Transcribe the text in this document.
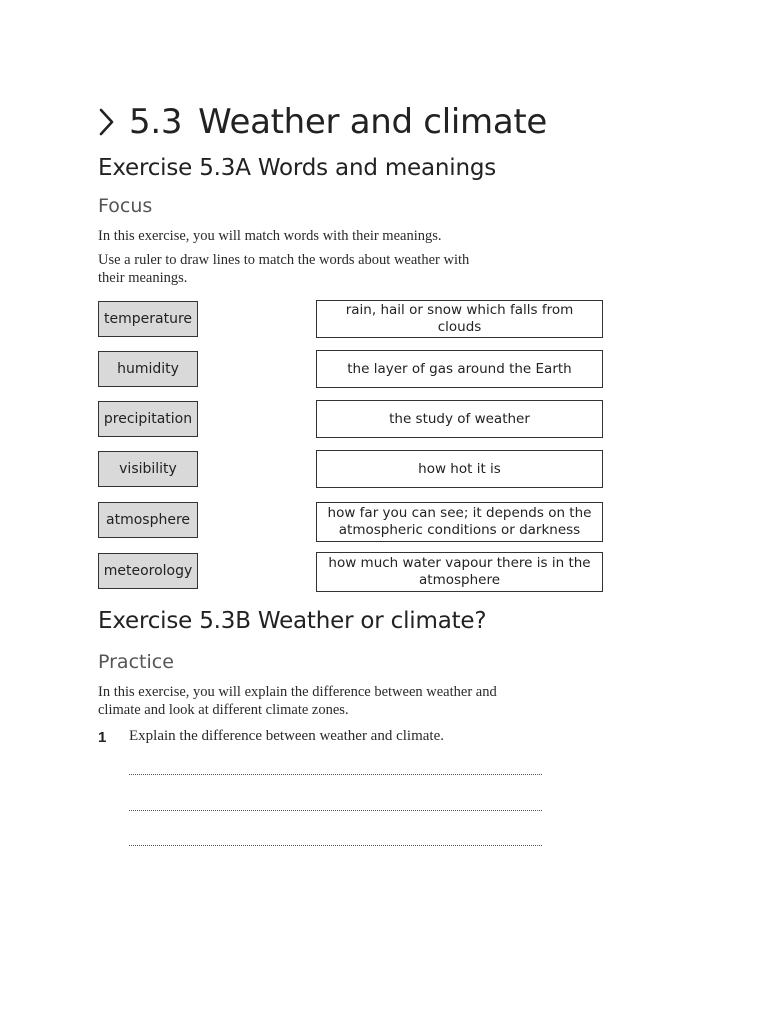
5.3 Weather and climate
Exercise 5.3A Words and meanings
Focus
In this exercise, you will match words with their meanings.
Use a ruler to draw lines to match the words about weather with their meanings.
temperature
humidity
precipitation
visibility
atmosphere
meteorology
rain, hail or snow which falls from clouds
the layer of gas around the Earth
the study of weather
how hot it is
how far you can see; it depends on the atmospheric conditions or darkness
how much water vapour there is in the atmosphere
Exercise 5.3B Weather or climate?
Practice
In this exercise, you will explain the difference between weather and climate and look at different climate zones.
1 Explain the difference between weather and climate.
